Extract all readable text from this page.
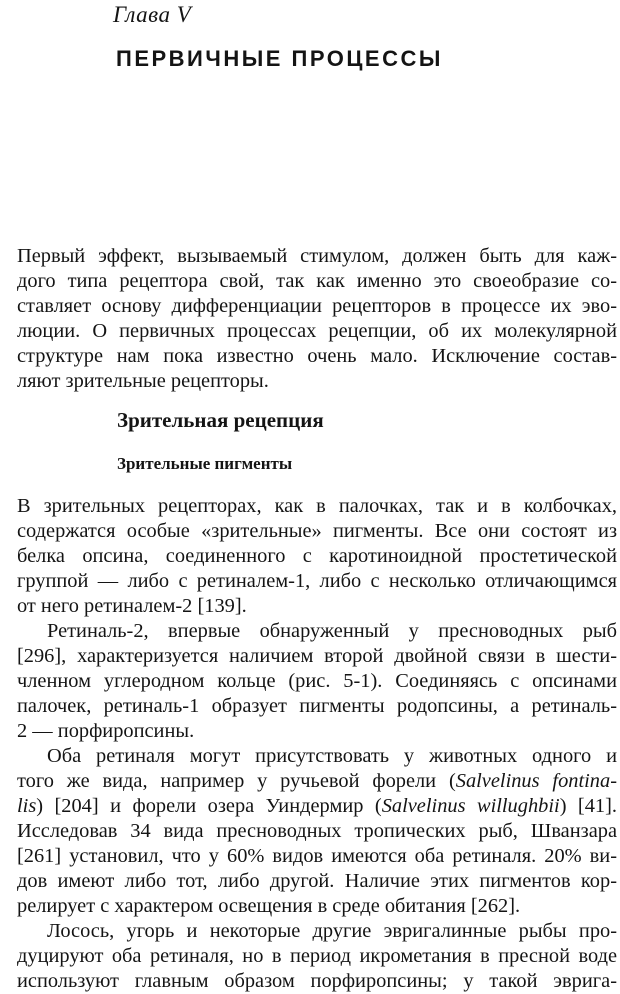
Глава V
ПЕРВИЧНЫЕ ПРОЦЕССЫ

Первый эффект, вызываемый стимулом, должен быть для каж-

дого типа рецептора свой, так как именно это своеобразие со-

ставляет основу дифференциации рецепторов в процессе их эво-

люции. О первичных процессах рецепции, об их молекулярной

структуре нам пока известно очень мало. Исключение состав-

ляют зрительные рецепторы.

Зрительная рецепция
Зрительные пигменты

В зрительных рецепторах, как в палочках, так и в колбочках,

содержатся особые «зрительные» пигменты. Все они состоят из

белка опсина, соединенного с каротиноидной простетической

группой — либо с ретиналем-1, либо с несколько отличающимся

от него ретиналем-2 [139].

Ретиналь-2, впервые обнаруженный у пресноводных рыб

[296], характеризуется наличием второй двойной связи в шести-

членном углеродном кольце (рис. 5-1). Соединяясь с опсинами

палочек, ретиналь-1 образует пигменты родопсины, а ретиналь-

2 — порфиропсины.

Оба ретиналя могут присутствовать у животных одного и

того же вида, например у ручьевой форели (Salvelinus fontina-

lis) [204] и форели озера Уиндермир (Salvelinus willughbii) [41].

Исследовав 34 вида пресноводных тропических рыб, Шванзара

[261] установил, что у 60% видов имеются оба ретиналя. 20% ви-

дов имеют либо тот, либо другой. Наличие этих пигментов кор-

релирует с характером освещения в среде обитания [262].

Лосось, угорь и некоторые другие эвригалинные рыбы про-

дуцируют оба ретиналя, но в период икрометания в пресной воде

используют главным образом порфиропсины; у такой эвригa-
